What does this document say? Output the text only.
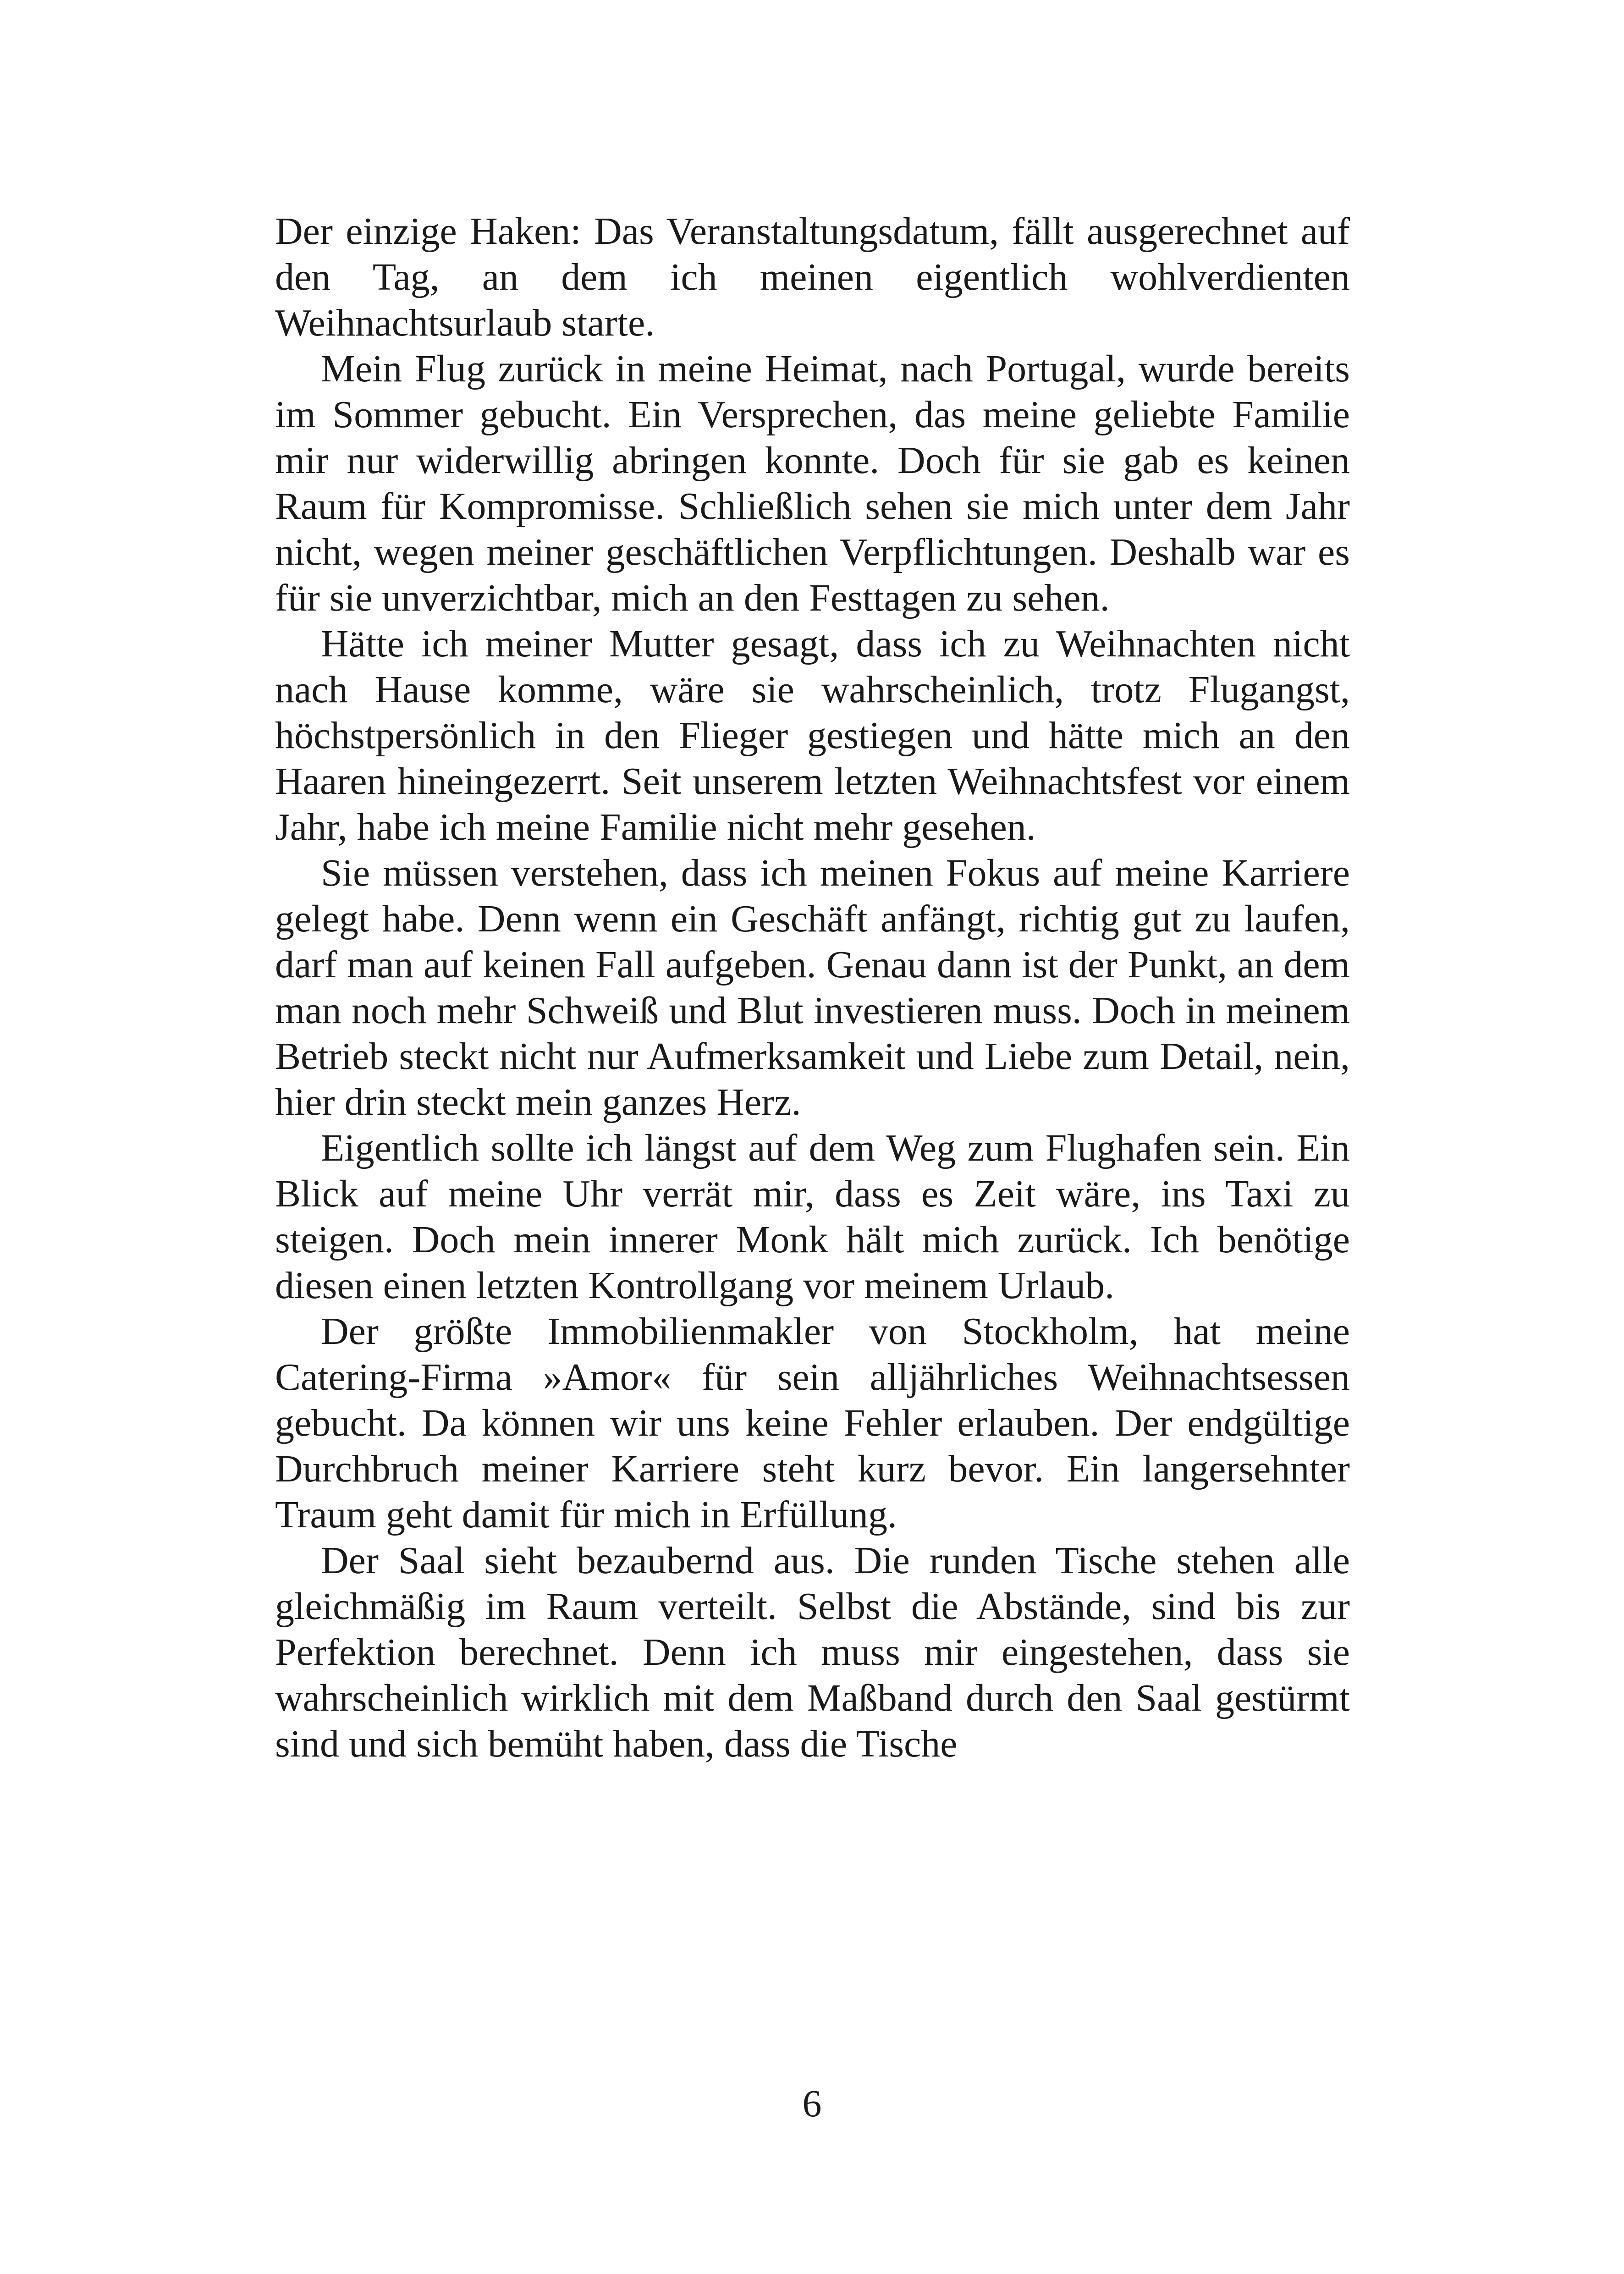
Der einzige Haken: Das Veranstaltungsdatum, fällt ausgerechnet auf den Tag, an dem ich meinen eigentlich wohlverdienten Weihnachtsurlaub starte.

Mein Flug zurück in meine Heimat, nach Portugal, wurde bereits im Sommer gebucht. Ein Versprechen, das meine geliebte Familie mir nur widerwillig abringen konnte. Doch für sie gab es keinen Raum für Kompromisse. Schließlich sehen sie mich unter dem Jahr nicht, wegen meiner geschäftlichen Verpflichtungen. Deshalb war es für sie unverzichtbar, mich an den Festtagen zu sehen.

Hätte ich meiner Mutter gesagt, dass ich zu Weihnachten nicht nach Hause komme, wäre sie wahrscheinlich, trotz Flugangst, höchstpersönlich in den Flieger gestiegen und hätte mich an den Haaren hineingezerrt. Seit unserem letzten Weihnachtsfest vor einem Jahr, habe ich meine Familie nicht mehr gesehen.

Sie müssen verstehen, dass ich meinen Fokus auf meine Karriere gelegt habe. Denn wenn ein Geschäft anfängt, richtig gut zu laufen, darf man auf keinen Fall aufgeben. Genau dann ist der Punkt, an dem man noch mehr Schweiß und Blut investieren muss. Doch in meinem Betrieb steckt nicht nur Aufmerksamkeit und Liebe zum Detail, nein, hier drin steckt mein ganzes Herz.

Eigentlich sollte ich längst auf dem Weg zum Flughafen sein. Ein Blick auf meine Uhr verrät mir, dass es Zeit wäre, ins Taxi zu steigen. Doch mein innerer Monk hält mich zurück. Ich benötige diesen einen letzten Kontrollgang vor meinem Urlaub.

Der größte Immobilienmakler von Stockholm, hat meine Catering-Firma »Amor« für sein alljährliches Weihnachtsessen gebucht. Da können wir uns keine Fehler erlauben. Der endgültige Durchbruch meiner Karriere steht kurz bevor. Ein langersehnter Traum geht damit für mich in Erfüllung.

Der Saal sieht bezaubernd aus. Die runden Tische stehen alle gleichmäßig im Raum verteilt. Selbst die Abstände, sind bis zur Perfektion berechnet. Denn ich muss mir eingestehen, dass sie wahrscheinlich wirklich mit dem Maßband durch den Saal gestürmt sind und sich bemüht haben, dass die Tische

6
